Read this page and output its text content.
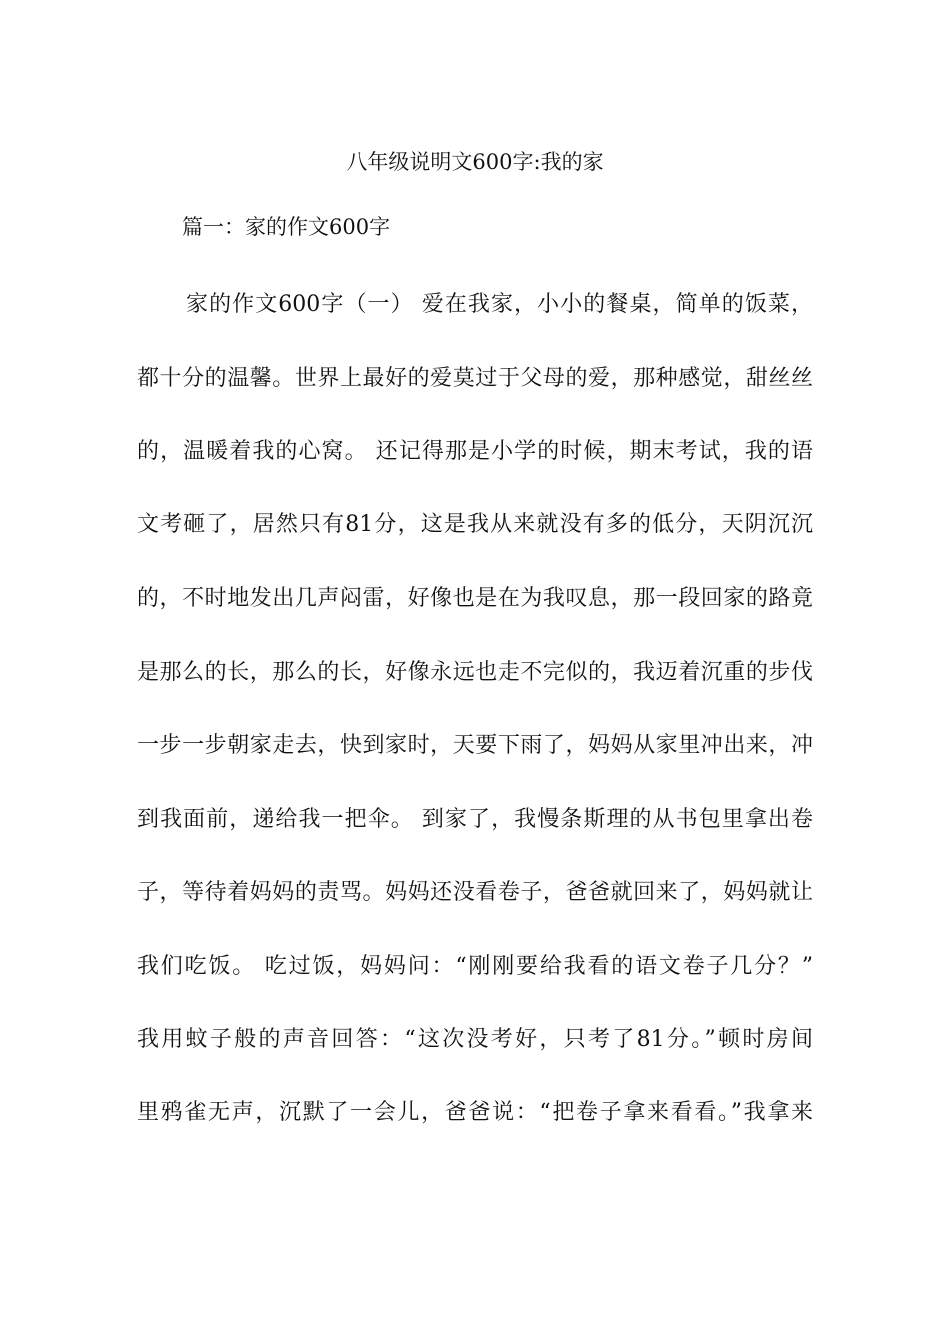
八年级说明文600字:我的家
篇一：家的作文600字
家的作文600字（一） 爱在我家，小小的餐桌，简单的饭菜，
都十分的温馨。世界上最好的爱莫过于父母的爱，那种感觉，甜丝丝
的，温暖着我的心窝。 还记得那是小学的时候，期末考试，我的语
文考砸了，居然只有81分，这是我从来就没有多的低分，天阴沉沉
的，不时地发出几声闷雷，好像也是在为我叹息，那一段回家的路竟
是那么的长，那么的长，好像永远也走不完似的，我迈着沉重的步伐
一步一步朝家走去，快到家时，天要下雨了，妈妈从家里冲出来，冲
到我面前，递给我一把伞。 到家了，我慢条斯理的从书包里拿出卷
子，等待着妈妈的责骂。妈妈还没看卷子，爸爸就回来了，妈妈就让
我们吃饭。 吃过饭，妈妈问：“刚刚要给我看的语文卷子几分？”
我用蚊子般的声音回答：“这次没考好，只考了81分。”顿时房间
里鸦雀无声，沉默了一会儿，爸爸说：“把卷子拿来看看。”我拿来
